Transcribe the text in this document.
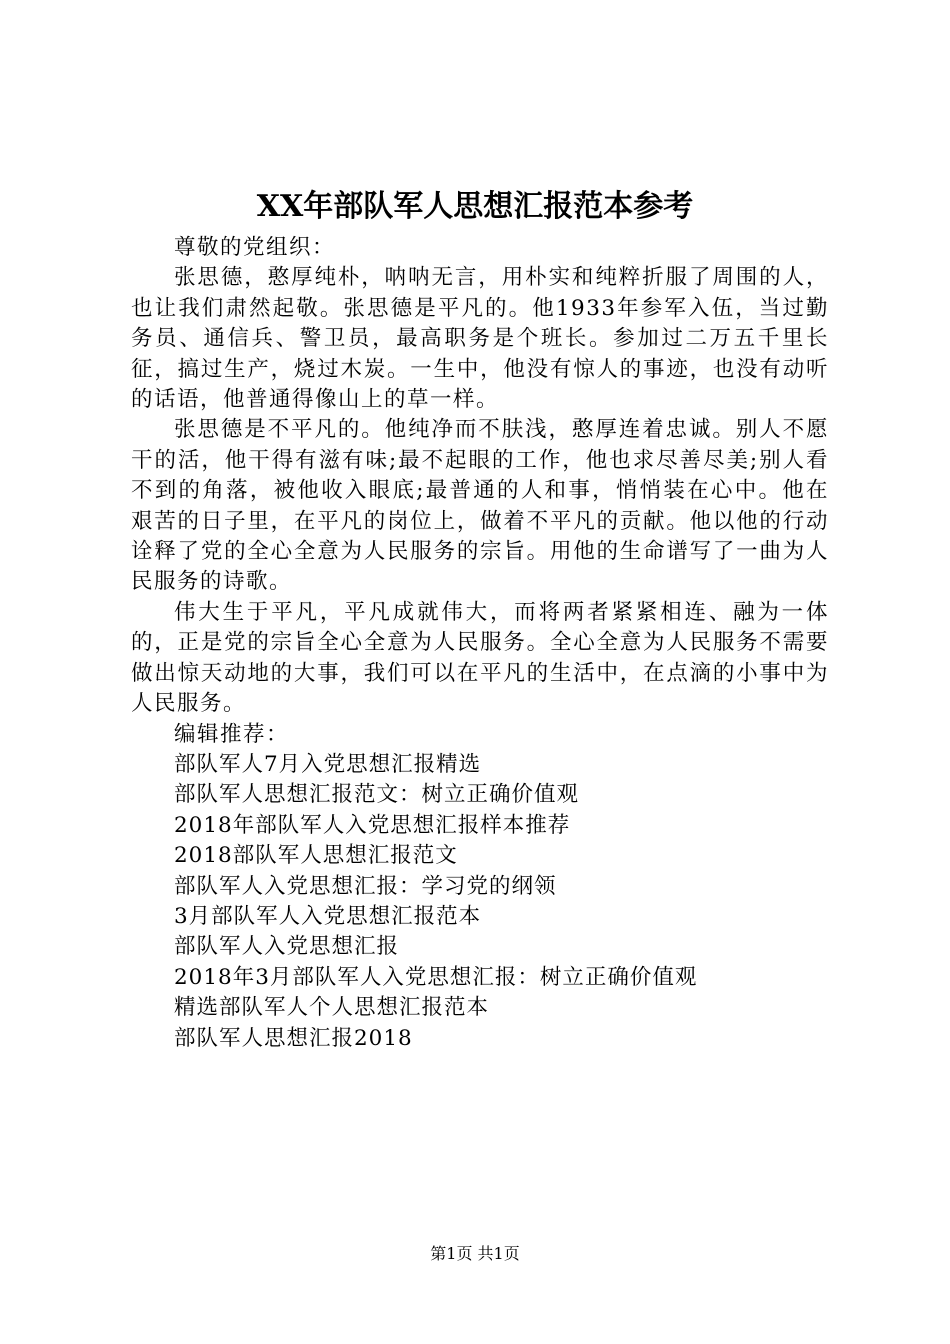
XX年部队军人思想汇报范本参考

尊敬的党组织：

张思德，憨厚纯朴，呐呐无言，用朴实和纯粹折服了周围的人，也让我们肃然起敬。张思德是平凡的。他1933年参军入伍，当过勤务员、通信兵、警卫员，最高职务是个班长。参加过二万五千里长征，搞过生产，烧过木炭。一生中，他没有惊人的事迹，也没有动听的话语，他普通得像山上的草一样。

张思德是不平凡的。他纯净而不肤浅，憨厚连着忠诚。别人不愿干的活，他干得有滋有味;最不起眼的工作，他也求尽善尽美;别人看不到的角落，被他收入眼底;最普通的人和事，悄悄装在心中。他在艰苦的日子里，在平凡的岗位上，做着不平凡的贡献。他以他的行动诠释了党的全心全意为人民服务的宗旨。用他的生命谱写了一曲为人民服务的诗歌。

伟大生于平凡，平凡成就伟大，而将两者紧紧相连、融为一体的，正是党的宗旨全心全意为人民服务。全心全意为人民服务不需要做出惊天动地的大事，我们可以在平凡的生活中，在点滴的小事中为人民服务。

编辑推荐：

部队军人7月入党思想汇报精选
部队军人思想汇报范文：树立正确价值观
2018年部队军人入党思想汇报样本推荐
2018部队军人思想汇报范文
部队军人入党思想汇报：学习党的纲领
3月部队军人入党思想汇报范本
部队军人入党思想汇报
2018年3月部队军人入党思想汇报：树立正确价值观
精选部队军人个人思想汇报范本
部队军人思想汇报2018
第1页 共1页
